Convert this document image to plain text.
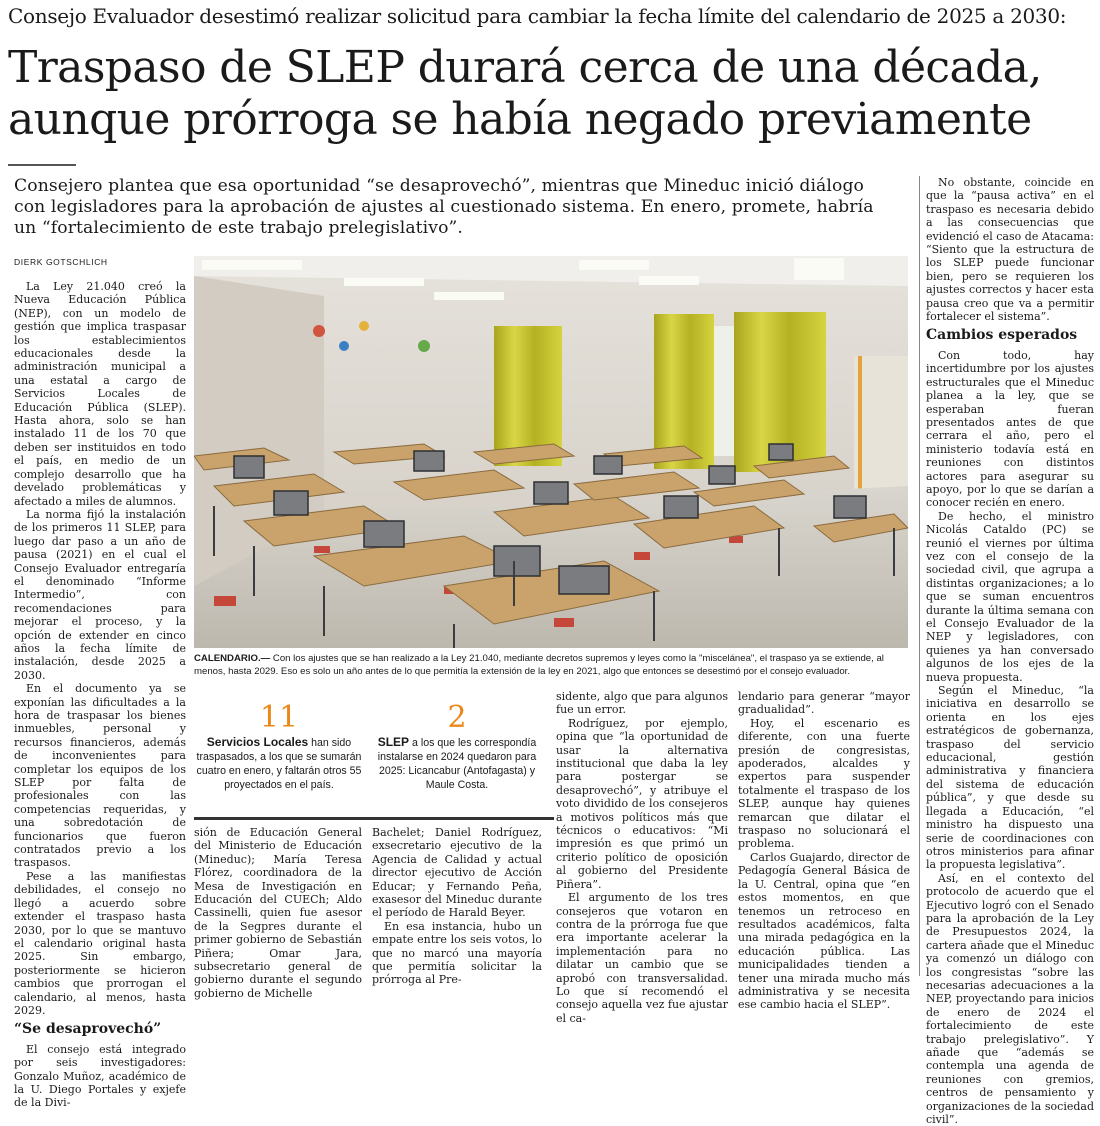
Consejo Evaluador desestimó realizar solicitud para cambiar la fecha límite del calendario de 2025 a 2030:
Traspaso de SLEP durará cerca de una década, aunque prórroga se había negado previamente
Consejero plantea que esa oportunidad “se desaprovechó”, mientras que Mineduc inició diálogo con legisladores para la aprobación de ajustes al cuestionado sistema. En enero, promete, habría un “fortalecimiento de este trabajo prelegislativo”.
DIERK GOTSCHLICH

La Ley 21.040 creó la Nueva Educación Pública (NEP), con un modelo de gestión que implica traspasar los establecimientos educacionales desde la administración municipal a una estatal a cargo de Servicios Locales de Educación Pública (SLEP). Hasta ahora, solo se han instalado 11 de los 70 que deben ser instituidos en todo el país, en medio de un complejo desarrollo que ha develado problemáticas y afectado a miles de alumnos.

La norma fijó la instalación de los primeros 11 SLEP, para luego dar paso a un año de pausa (2021) en el cual el Consejo Evaluador entregaría el denominado “Informe Intermedio”, con recomendaciones para mejorar el proceso, y la opción de extender en cinco años la fecha límite de instalación, desde 2025 a 2030.

En el documento ya se exponían las dificultades a la hora de traspasar los bienes inmuebles, personal y recursos financieros, además de inconvenientes para completar los equipos de los SLEP por falta de profesionales con las competencias requeridas, y una sobredotación de funcionarios que fueron contratados previo a los traspasos.

Pese a las manifiestas debilidades, el consejo no llegó a acuerdo sobre extender el traspaso hasta 2030, por lo que se mantuvo el calendario original hasta 2025. Sin embargo, posteriormente se hicieron cambios que prorrogan el calendario, al menos, hasta 2029.

“Se desaprovechó”

El consejo está integrado por seis investigadores: Gonzalo Muñoz, académico de la U. Diego Portales y exjefe de la Divi-

CALENDARIO.— Con los ajustes que se han realizado a la Ley 21.040, mediante decretos supremos y leyes como la "miscelánea", el traspaso ya se extiende, al menos, hasta 2029. Eso es solo un año antes de lo que permitía la extensión de la ley en 2021, algo que entonces se desestimó por el consejo evaluador.
11
Servicios Locales han sido traspasados, a los que se sumarán cuatro en enero, y faltarán otros 55 proyectados en el país.
2
SLEP a los que les correspondía instalarse en 2024 quedaron para 2025: Licancabur (Antofagasta) y Maule Costa.

sión de Educación General del Ministerio de Educación (Mineduc); María Teresa Flórez, coordinadora de la Mesa de Investigación en Educación del CUECh; Aldo Cassinelli, quien fue asesor de la Segpres durante el primer gobierno de Sebastián Piñera; Omar Jara, subsecretario general de gobierno durante el segundo gobierno de Michelle

Bachelet; Daniel Rodríguez, exsecretario ejecutivo de la Agencia de Calidad y actual director ejecutivo de Acción Educar; y Fernando Peña, exasesor del Mineduc durante el período de Harald Beyer.

En esa instancia, hubo un empate entre los seis votos, lo que no marcó una mayoría que permitía solicitar la prórroga al Pre-

sidente, algo que para algunos fue un error.

Rodríguez, por ejemplo, opina que “la oportunidad de usar la alternativa institucional que daba la ley para postergar se desaprovechó”, y atribuye el voto dividido de los consejeros a motivos políticos más que técnicos o educativos: “Mi impresión es que primó un criterio político de oposición al gobierno del Presidente Piñera”.

El argumento de los tres consejeros que votaron en contra de la prórroga fue que era importante acelerar la implementación para no dilatar un cambio que se aprobó con transversalidad. Lo que sí recomendó el consejo aquella vez fue ajustar el ca-

lendario para generar “mayor gradualidad”.

Hoy, el escenario es diferente, con una fuerte presión de congresistas, apoderados, alcaldes y expertos para suspender totalmente el traspaso de los SLEP, aunque hay quienes remarcan que dilatar el traspaso no solucionará el problema.

Carlos Guajardo, director de Pedagogía General Básica de la U. Central, opina que “en estos momentos, en que tenemos un retroceso en resultados académicos, falta una mirada pedagógica en la educación pública. Las municipalidades tienden a tener una mirada mucho más administrativa y se necesita ese cambio hacia el SLEP”.

No obstante, coincide en que la “pausa activa” en el traspaso es necesaria debido a las consecuencias que evidenció el caso de Atacama: “Siento que la estructura de los SLEP puede funcionar bien, pero se requieren los ajustes correctos y hacer esta pausa creo que va a permitir fortalecer el sistema”.

Cambios esperados

Con todo, hay incertidumbre por los ajustes estructurales que el Mineduc planea a la ley, que se esperaban fueran presentados antes de que cerrara el año, pero el ministerio todavía está en reuniones con distintos actores para asegurar su apoyo, por lo que se darían a conocer recién en enero.

De hecho, el ministro Nicolás Cataldo (PC) se reunió el viernes por última vez con el consejo de la sociedad civil, que agrupa a distintas organizaciones; a lo que se suman encuentros durante la última semana con el Consejo Evaluador de la NEP y legisladores, con quienes ya han conversado algunos de los ejes de la nueva propuesta.

Según el Mineduc, “la iniciativa en desarrollo se orienta en los ejes estratégicos de gobernanza, traspaso del servicio educacional, gestión administrativa y financiera del sistema de educación pública”, y que desde su llegada a Educación, “el ministro ha dispuesto una serie de coordinaciones con otros ministerios para afinar la propuesta legislativa”.

Así, en el contexto del protocolo de acuerdo que el Ejecutivo logró con el Senado para la aprobación de la Ley de Presupuestos 2024, la cartera añade que el Mineduc ya comenzó un diálogo con los congresistas “sobre las necesarias adecuaciones a la NEP, proyectando para inicios de enero de 2024 el fortalecimiento de este trabajo prelegislativo”. Y añade que “además se contempla una agenda de reuniones con gremios, centros de pensamiento y organizaciones de la sociedad civil”.
